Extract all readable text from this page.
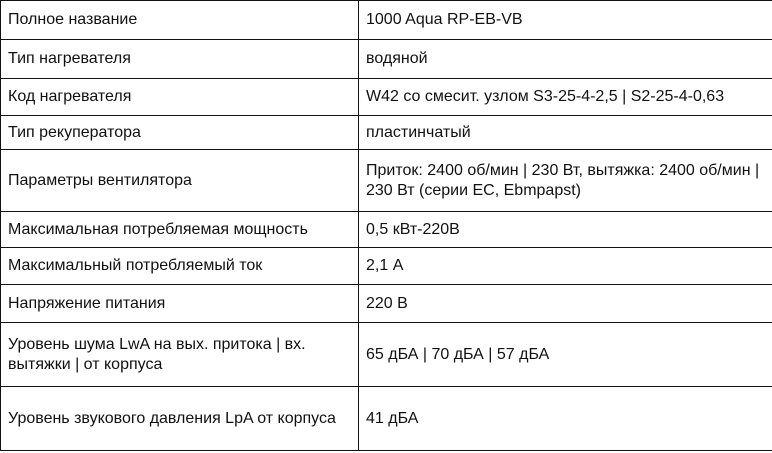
Полное название	1000 Aqua RP-EB-VB
Тип нагревателя	водяной
Код нагревателя	W42 со смесит. узлом S3-25-4-2,5 | S2-25-4-0,63
Тип рекуператора	пластинчатый
Параметры вентилятора	Приток: 2400 об/мин | 230 Вт, вытяжка: 2400 об/мин | 230 Вт (серии EC, Ebmpapst)
Максимальная потребляемая мощность	0,5 кВт-220В
Максимальный потребляемый ток	2,1 А
Напряжение питания	220 В
Уровень шума LwA на вых. притока | вх. вытяжки | от корпуса	65 дБА | 70 дБА | 57 дБА
Уровень звукового давления LpA от корпуса	41 дБА
